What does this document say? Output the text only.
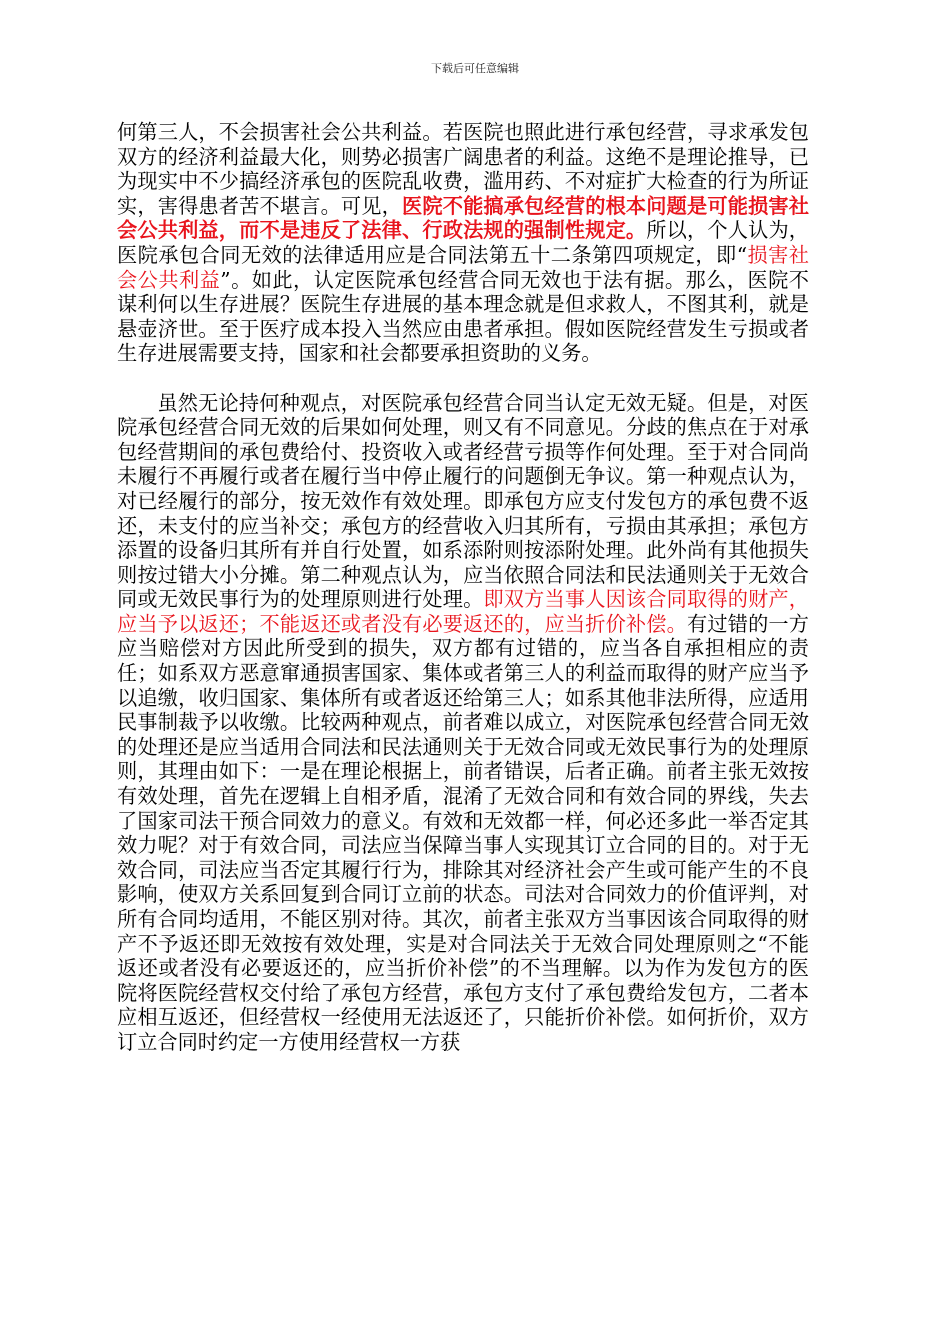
下载后可任意编辑

何第三人，不会损害社会公共利益。若医院也照此进行承包经营，寻求承发包双方的经济利益最大化，则势必损害广阔患者的利益。这绝不是理论推导，已为现实中不少搞经济承包的医院乱收费，滥用药、不对症扩大检查的行为所证实，害得患者苦不堪言。可见，医院不能搞承包经营的根本问题是可能损害社会公共利益，而不是违反了法律、行政法规的强制性规定。所以，个人认为，医院承包合同无效的法律适用应是合同法第五十二条第四项规定，即“损害社会公共利益”。如此，认定医院承包经营合同无效也于法有据。那么，医院不谋利何以生存进展？医院生存进展的基本理念就是但求救人，不图其利，就是悬壶济世。至于医疗成本投入当然应由患者承担。假如医院经营发生亏损或者生存进展需要支持，国家和社会都要承担资助的义务。

虽然无论持何种观点，对医院承包经营合同当认定无效无疑。但是，对医院承包经营合同无效的后果如何处理，则又有不同意见。分歧的焦点在于对承包经营期间的承包费给付、投资收入或者经营亏损等作何处理。至于对合同尚未履行不再履行或者在履行当中停止履行的问题倒无争议。第一种观点认为，对已经履行的部分，按无效作有效处理。即承包方应支付发包方的承包费不返还，未支付的应当补交；承包方的经营收入归其所有，亏损由其承担；承包方添置的设备归其所有并自行处置，如系添附则按添附处理。此外尚有其他损失则按过错大小分摊。第二种观点认为，应当依照合同法和民法通则关于无效合同或无效民事行为的处理原则进行处理。即双方当事人因该合同取得的财产，应当予以返还；不能返还或者没有必要返还的，应当折价补偿。有过错的一方应当赔偿对方因此所受到的损失，双方都有过错的，应当各自承担相应的责任；如系双方恶意窜通损害国家、集体或者第三人的利益而取得的财产应当予以追缴，收归国家、集体所有或者返还给第三人；如系其他非法所得，应适用民事制裁予以收缴。比较两种观点，前者难以成立，对医院承包经营合同无效的处理还是应当适用合同法和民法通则关于无效合同或无效民事行为的处理原则，其理由如下：一是在理论根据上，前者错误，后者正确。前者主张无效按有效处理，首先在逻辑上自相矛盾，混淆了无效合同和有效合同的界线，失去了国家司法干预合同效力的意义。有效和无效都一样，何必还多此一举否定其效力呢？对于有效合同，司法应当保障当事人实现其订立合同的目的。对于无效合同，司法应当否定其履行行为，排除其对经济社会产生或可能产生的不良影响，使双方关系回复到合同订立前的状态。司法对合同效力的价值评判，对所有合同均适用，不能区别对待。其次，前者主张双方当事因该合同取得的财产不予返还即无效按有效处理，实是对合同法关于无效合同处理原则之“不能返还或者没有必要返还的，应当折价补偿”的不当理解。以为作为发包方的医院将医院经营权交付给了承包方经营，承包方支付了承包费给发包方，二者本应相互返还，但经营权一经使用无法返还了，只能折价补偿。如何折价，双方订立合同时约定一方使用经营权一方获
